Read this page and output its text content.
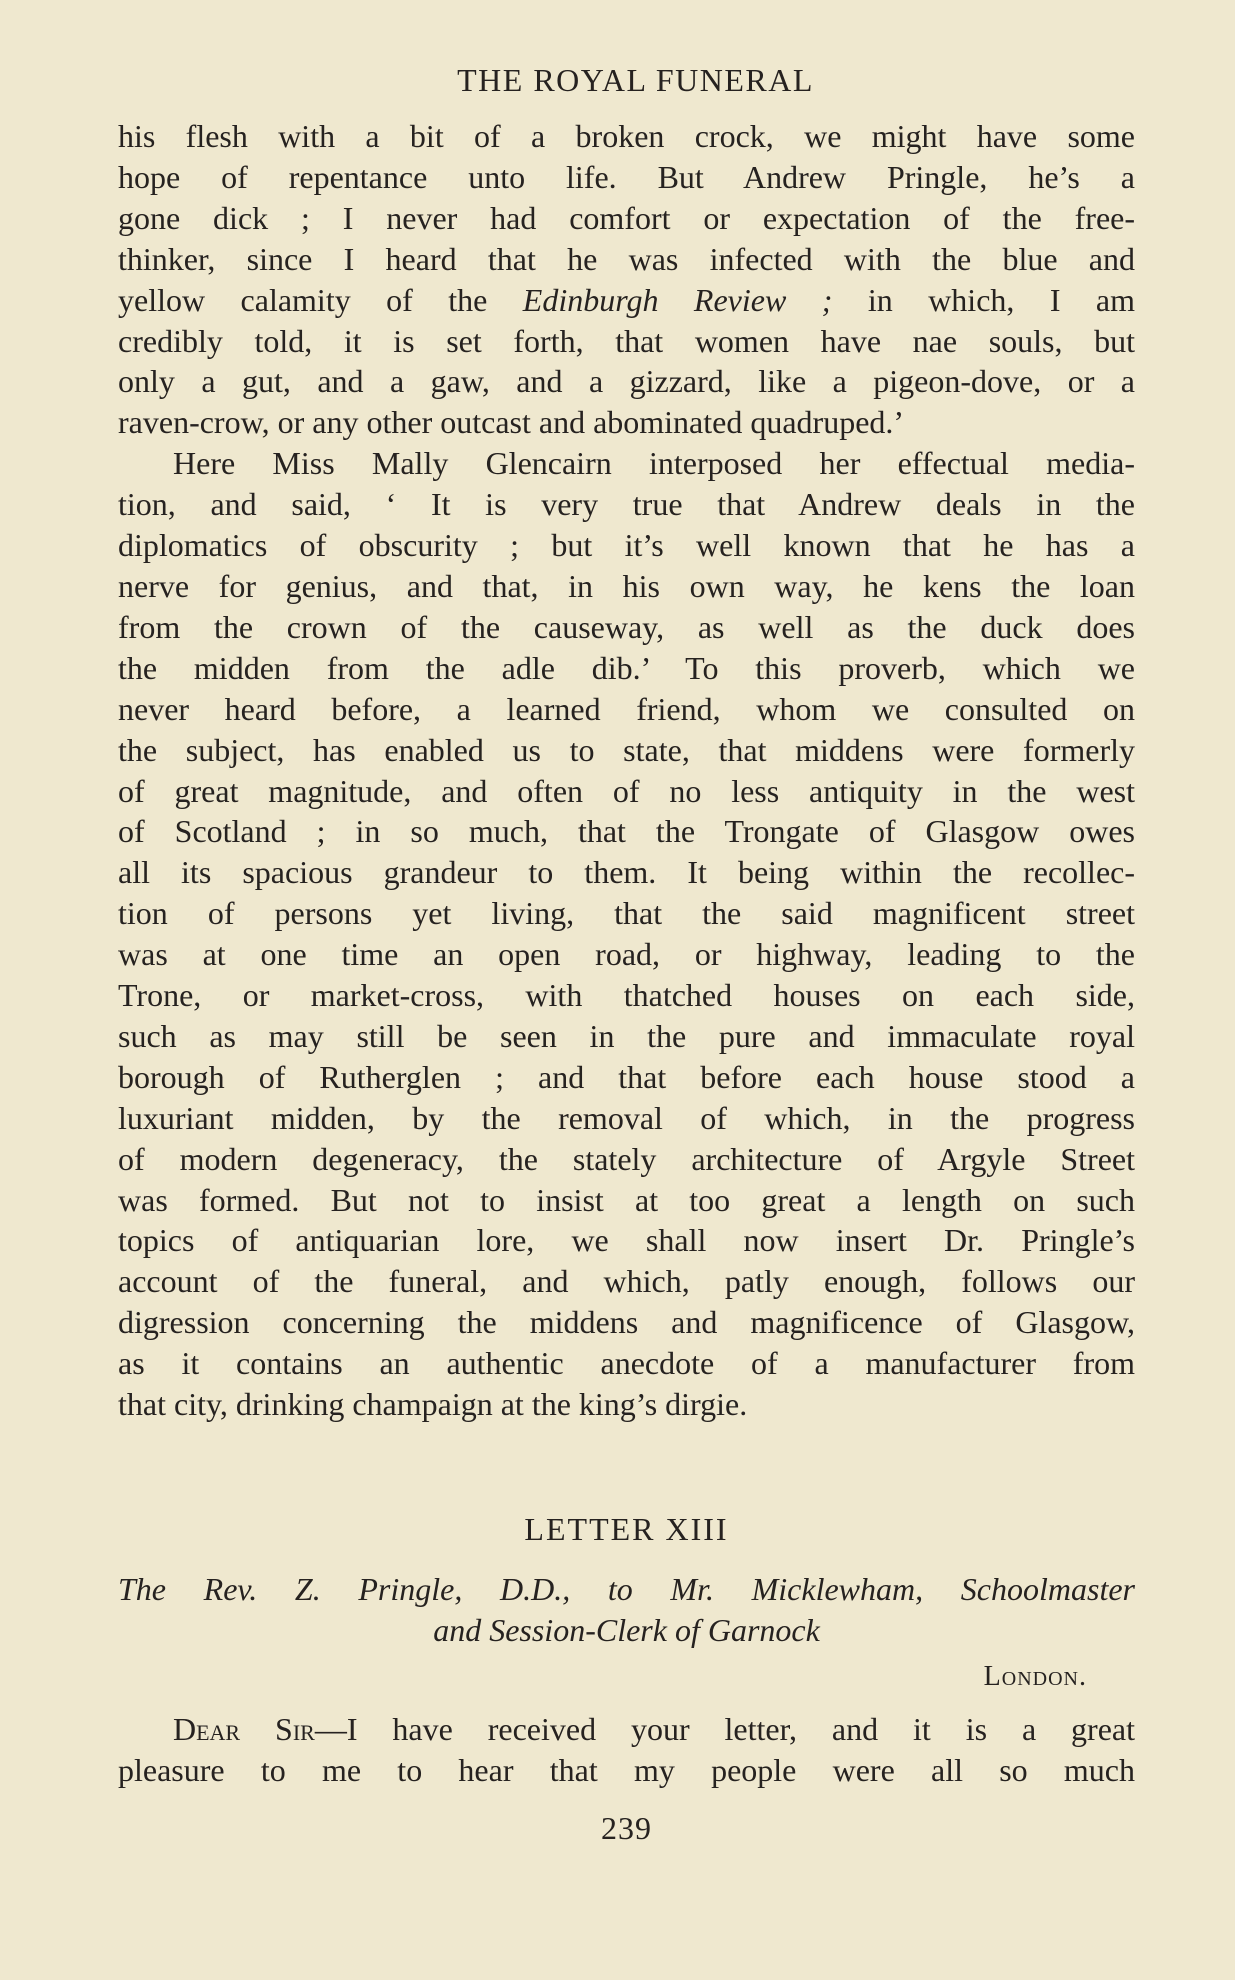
THE ROYAL FUNERAL
his flesh with a bit of a broken crock, we might have some
hope of repentance unto life. But Andrew Pringle, he’s a
gone dick ; I never had comfort or expectation of the free-
thinker, since I heard that he was infected with the blue and
yellow calamity of the Edinburgh Review ; in which, I am
credibly told, it is set forth, that women have nae souls, but
only a gut, and a gaw, and a gizzard, like a pigeon-dove, or a
raven-crow, or any other outcast and abominated quadruped.’
Here Miss Mally Glencairn interposed her effectual media-
tion, and said, ‘ It is very true that Andrew deals in the
diplomatics of obscurity ; but it’s well known that he has a
nerve for genius, and that, in his own way, he kens the loan
from the crown of the causeway, as well as the duck does
the midden from the adle dib.’ To this proverb, which we
never heard before, a learned friend, whom we consulted on
the subject, has enabled us to state, that middens were formerly
of great magnitude, and often of no less antiquity in the west
of Scotland ; in so much, that the Trongate of Glasgow owes
all its spacious grandeur to them. It being within the recollec-
tion of persons yet living, that the said magnificent street
was at one time an open road, or highway, leading to the
Trone, or market-cross, with thatched houses on each side,
such as may still be seen in the pure and immaculate royal
borough of Rutherglen ; and that before each house stood a
luxuriant midden, by the removal of which, in the progress
of modern degeneracy, the stately architecture of Argyle Street
was formed. But not to insist at too great a length on such
topics of antiquarian lore, we shall now insert Dr. Pringle’s
account of the funeral, and which, patly enough, follows our
digression concerning the middens and magnificence of Glasgow,
as it contains an authentic anecdote of a manufacturer from
that city, drinking champaign at the king’s dirgie.
LETTER XIII
The Rev. Z. Pringle, D.D., to Mr. Micklewham, Schoolmaster
and Session-Clerk of Garnock
London.
Dear Sir—I have received your letter, and it is a great
pleasure to me to hear that my people were all so much
239
